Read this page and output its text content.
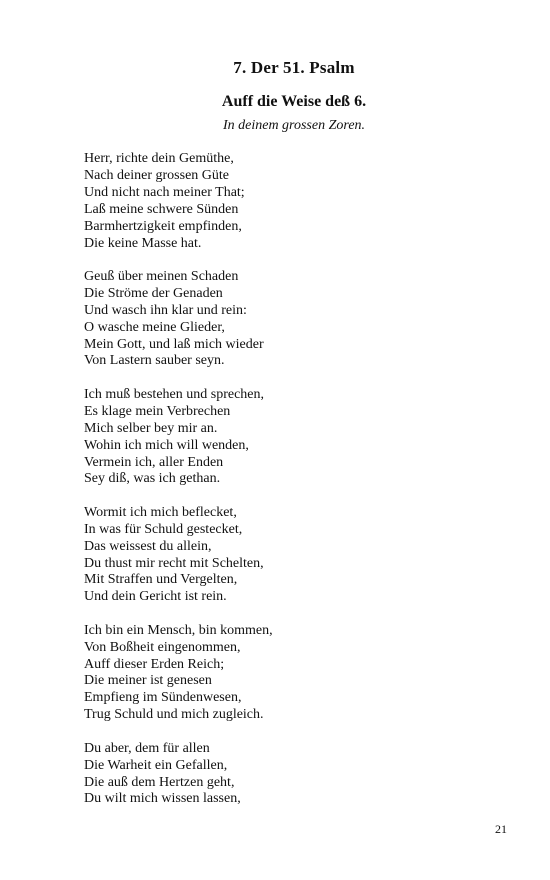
7. Der 51. Psalm
Auff die Weise deß 6.

In deinem grossen Zoren.

Herr, richte dein Gemüthe,
Nach deiner grossen Güte
Und nicht nach meiner That;
Laß meine schwere Sünden
Barmhertzigkeit empfinden,
Die keine Masse hat.
Geuß über meinen Schaden
Die Ströme der Genaden
Und wasch ihn klar und rein:
O wasche meine Glieder,
Mein Gott, und laß mich wieder
Von Lastern sauber seyn.
Ich muß bestehen und sprechen,
Es klage mein Verbrechen
Mich selber bey mir an.
Wohin ich mich will wenden,
Vermein ich, aller Enden
Sey diß, was ich gethan.
Wormit ich mich beflecket,
In was für Schuld gestecket,
Das weissest du allein,
Du thust mir recht mit Schelten,
Mit Straffen und Vergelten,
Und dein Gericht ist rein.
Ich bin ein Mensch, bin kommen,
Von Boßheit eingenommen,
Auff dieser Erden Reich;
Die meiner ist genesen
Empfieng im Sündenwesen,
Trug Schuld und mich zugleich.
Du aber, dem für allen
Die Warheit ein Gefallen,
Die auß dem Hertzen geht,
Du wilt mich wissen lassen,
21
